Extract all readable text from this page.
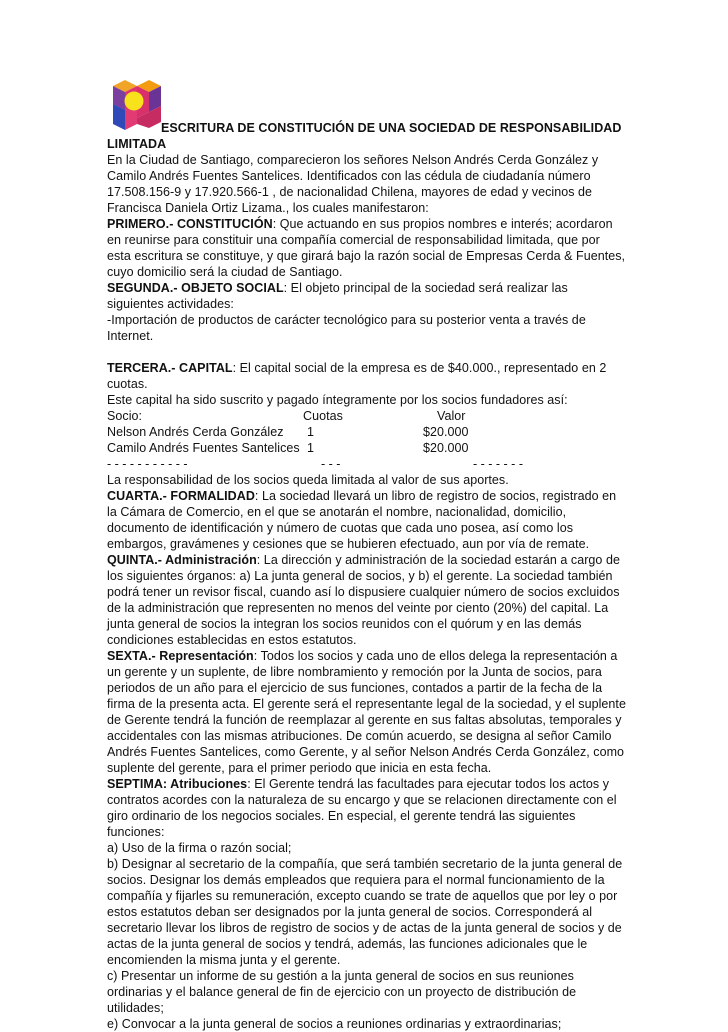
ESCRITURA DE CONSTITUCIÓN DE UNA SOCIEDAD DE RESPONSABILIDAD
LIMITADA

En la Ciudad de Santiago, comparecieron los señores Nelson Andrés Cerda González y Camilo Andrés Fuentes Santelices. Identificados con las cédula de ciudadanía número 17.508.156-9 y 17.920.566-1 , de nacionalidad Chilena, mayores de edad y vecinos de Francisca Daniela Ortiz Lizama., los cuales manifestaron:

PRIMERO.- CONSTITUCIÓN: Que actuando en sus propios nombres e interés; acordaron en reunirse para constituir una compañía comercial de responsabilidad limitada, que por esta escritura se constituye, y que girará bajo la razón social de Empresas Cerda & Fuentes, cuyo domicilio será la ciudad de Santiago.

SEGUNDA.- OBJETO SOCIAL: El objeto principal de la sociedad será realizar las siguientes actividades:

-Importación de productos de carácter tecnológico para su posterior venta a través de Internet.

TERCERA.- CAPITAL: El capital social de la empresa es de $40.000., representado en 2 cuotas.

Este capital ha sido suscrito y pagado íntegramente por los socios fundadores así:

Socio:	Cuotas	Valor
Nelson Andrés Cerda González	1	$20.000
Camilo Andrés Fuentes Santelices	1	$20.000
- - - - - - - - - - -	- - -	- - - - - - -

La responsabilidad de los socios queda limitada al valor de sus aportes.

CUARTA.- FORMALIDAD: La sociedad llevará un libro de registro de socios, registrado en la Cámara de Comercio, en el que se anotarán el nombre, nacionalidad, domicilio, documento de identificación y número de cuotas que cada uno posea, así como los embargos, gravámenes y cesiones que se hubieren efectuado, aun por vía de remate.

QUINTA.- Administración: La dirección y administración de la sociedad estarán a cargo de los siguientes órganos: a) La junta general de socios, y b) el gerente. La sociedad también podrá tener un revisor fiscal, cuando así lo dispusiere cualquier número de socios excluidos de la administración que representen no menos del veinte por ciento (20%) del capital. La junta general de socios la integran los socios reunidos con el quórum y en las demás condiciones establecidas en estos estatutos.

SEXTA.- Representación: Todos los socios y cada uno de ellos delega la representación a un gerente y un suplente, de libre nombramiento y remoción por la Junta de socios, para periodos de un año para el ejercicio de sus funciones, contados a partir de la fecha de la firma de la presenta acta. El gerente será el representante legal de la sociedad, y el suplente de Gerente tendrá la función de reemplazar al gerente en sus faltas absolutas, temporales y accidentales con las mismas atribuciones. De común acuerdo, se designa al señor Camilo Andrés Fuentes Santelices, como Gerente, y al señor Nelson Andrés Cerda González, como suplente del gerente, para el primer periodo que inicia en esta fecha.

SEPTIMA: Atribuciones: El Gerente tendrá las facultades para ejecutar todos los actos y contratos acordes con la naturaleza de su encargo y que se relacionen directamente con el giro ordinario de los negocios sociales. En especial, el gerente tendrá las siguientes funciones:

a) Uso de la firma o razón social;

b) Designar al secretario de la compañía, que será también secretario de la junta general de socios. Designar los demás empleados que requiera para el normal funcionamiento de la compañía y fijarles su remuneración, excepto cuando se trate de aquellos que por ley o por estos estatutos deban ser designados por la junta general de socios. Corresponderá al secretario llevar los libros de registro de socios y de actas de la junta general de socios y de actas de la junta general de socios y tendrá, además, las funciones adicionales que le encomienden la misma junta y el gerente.

c) Presentar un informe de su gestión a la junta general de socios en sus reuniones ordinarias y el balance general de fin de ejercicio con un proyecto de distribución de utilidades;

e) Convocar a la junta general de socios a reuniones ordinarias y extraordinarias;
